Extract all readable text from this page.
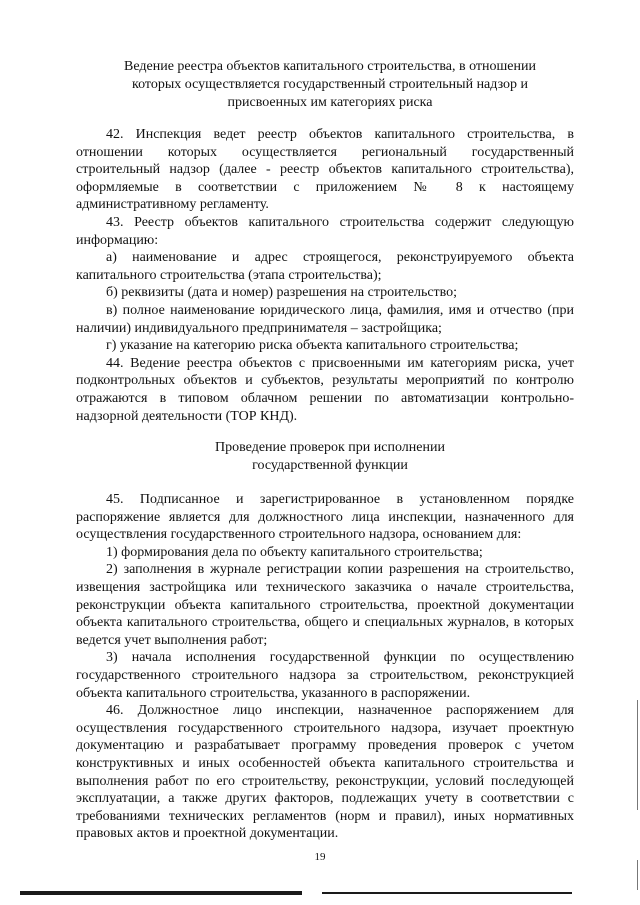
Ведение реестра объектов капитального строительства, в отношении
которых осуществляется государственный строительный надзор и
присвоенных им категориях риска

42. Инспекция ведет реестр объектов капитального строительства, в отношении которых осуществляется региональный государственный строительный надзор (далее - реестр объектов капитального строительства), оформляемые в соответствии с приложением № 8 к настоящему административному регламенту.

43. Реестр объектов капитального строительства содержит следующую информацию:

а) наименование и адрес строящегося, реконструируемого объекта капитального строительства (этапа строительства);

б) реквизиты (дата и номер) разрешения на строительство;

в) полное наименование юридического лица, фамилия, имя и отчество (при наличии) индивидуального предпринимателя – застройщика;

г) указание на категорию риска объекта капитального строительства;

44. Ведение реестра объектов с присвоенными им категориям риска, учет подконтрольных объектов и субъектов, результаты мероприятий по контролю отражаются в типовом облачном решении по автоматизации контрольно-надзорной деятельности (ТОР КНД).

Проведение проверок при исполнении
государственной функции

45. Подписанное и зарегистрированное в установленном порядке распоряжение является для должностного лица инспекции, назначенного для осуществления государственного строительного надзора, основанием для:

1) формирования дела по объекту капитального строительства;

2) заполнения в журнале регистрации копии разрешения на строительство, извещения застройщика или технического заказчика о начале строительства, реконструкции объекта капитального строительства, проектной документации объекта капитального строительства, общего и специальных журналов, в которых ведется учет выполнения работ;

3) начала исполнения государственной функции по осуществлению государственного строительного надзора за строительством, реконструкцией объекта капитального строительства, указанного в распоряжении.

46. Должностное лицо инспекции, назначенное распоряжением для осуществления государственного строительного надзора, изучает проектную документацию и разрабатывает программу проведения проверок с учетом конструктивных и иных особенностей объекта капитального строительства и выполнения работ по его строительству, реконструкции, условий последующей эксплуатации, а также других факторов, подлежащих учету в соответствии с требованиями технических регламентов (норм и правил), иных нормативных правовых актов и проектной документации.

19
